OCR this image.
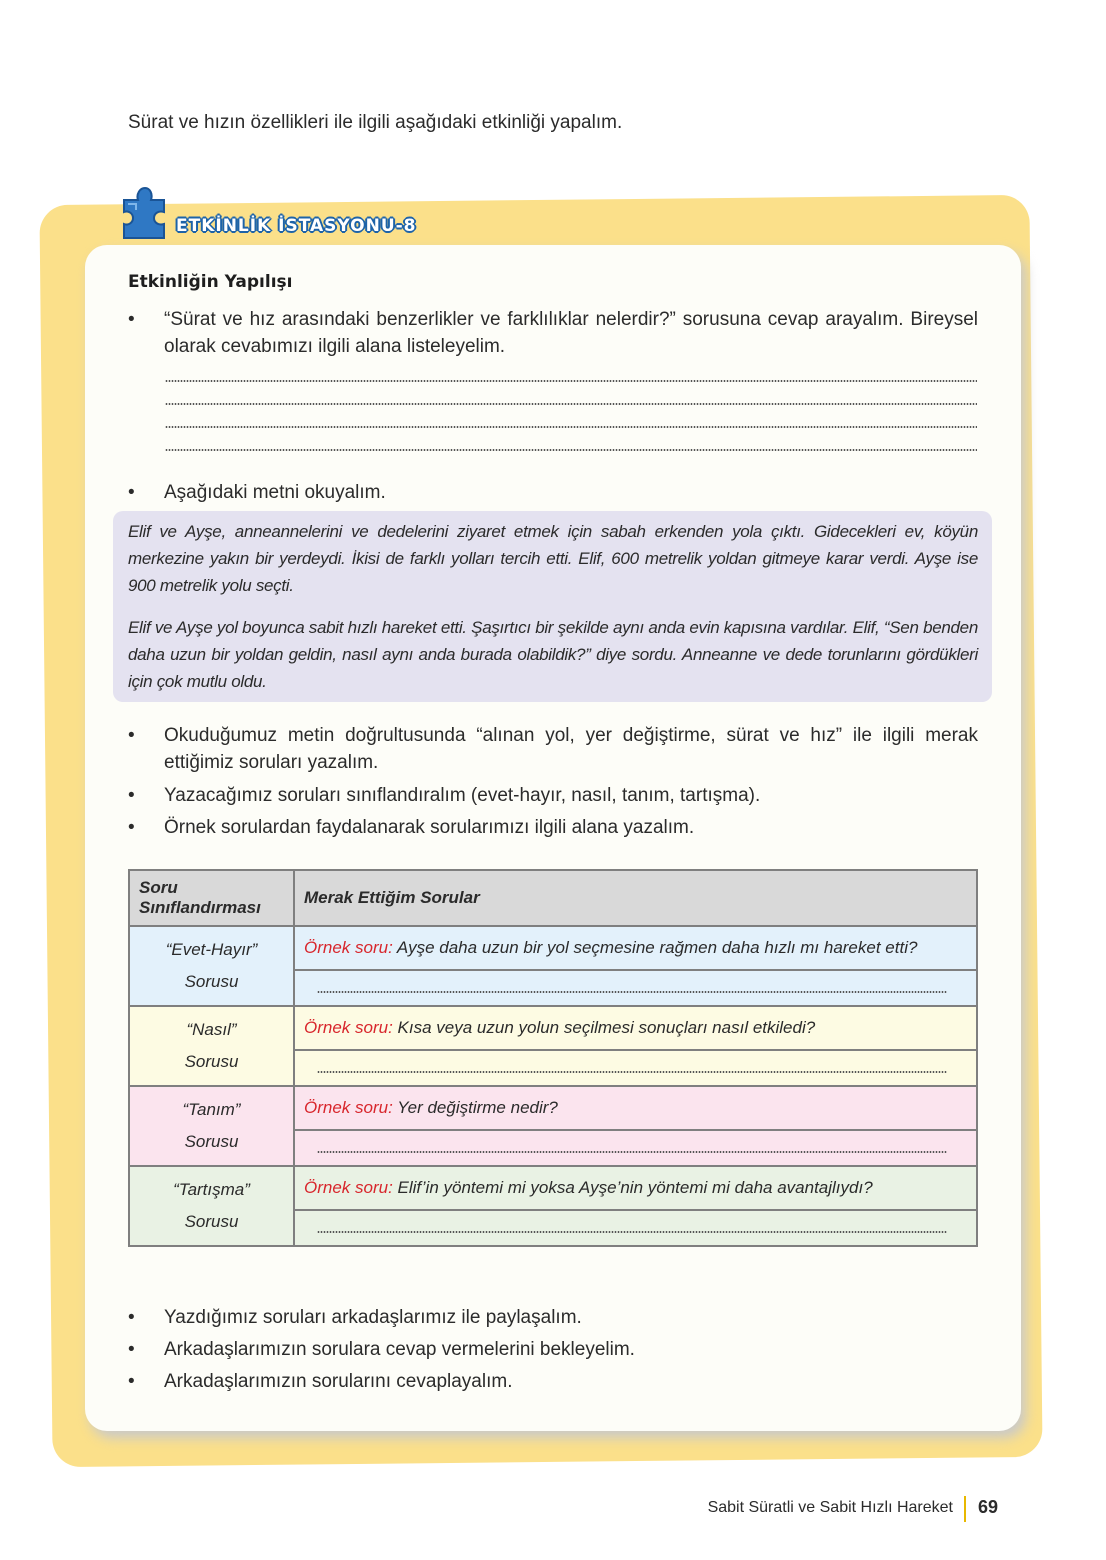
Sürat ve hızın özellikleri ile ilgili aşağıdaki etkinliği yapalım.
ETKİNLİK İSTASYONU-8
Etkinliğin Yapılışı
• “Sürat ve hız arasındaki benzerlikler ve farklılıklar nelerdir?” sorusuna cevap arayalım. Bireysel olarak cevabımızı ilgili alana listeleyelim.
• Aşağıdaki metni okuyalım.

Elif ve Ayşe, anneannelerini ve dedelerini ziyaret etmek için sabah erkenden yola çıktı. Gidecekleri ev, köyün merkezine yakın bir yerdeydi. İkisi de farklı yolları tercih etti. Elif, 600 metrelik yoldan gitmeye karar verdi. Ayşe ise 900 metrelik yolu seçti.

Elif ve Ayşe yol boyunca sabit hızlı hareket etti. Şaşırtıcı bir şekilde aynı anda evin kapısına vardılar. Elif, “Sen benden daha uzun bir yoldan geldin, nasıl aynı anda burada olabildik?” diye sordu. Anneanne ve dede torunlarını gördükleri için çok mutlu oldu.

• Okuduğumuz metin doğrultusunda “alınan yol, yer değiştirme, sürat ve hız” ile ilgili merak ettiğimiz soruları yazalım.
• Yazacağımız soruları sınıflandıralım (evet-hayır, nasıl, tanım, tartışma).
• Örnek sorulardan faydalanarak sorularımızı ilgili alana yazalım.
Soru
Sınıflandırması	Merak Ettiğim Sorular
“Evet-Hayır”
Sorusu	Örnek soru: Ayşe daha uzun bir yol seçmesine rağmen daha hızlı mı hareket etti?

“Nasıl”
Sorusu	Örnek soru: Kısa veya uzun yolun seçilmesi sonuçları nasıl etkiledi?

“Tanım”
Sorusu	Örnek soru: Yer değiştirme nedir?

“Tartışma”
Sorusu	Örnek soru: Elif’in yöntemi mi yoksa Ayşe’nin yöntemi mi daha avantajlıydı?

• Yazdığımız soruları arkadaşlarımız ile paylaşalım.
• Arkadaşlarımızın sorulara cevap vermelerini bekleyelim.
• Arkadaşlarımızın sorularını cevaplayalım.
Sabit Süratli ve Sabit Hızlı Hareket 69
